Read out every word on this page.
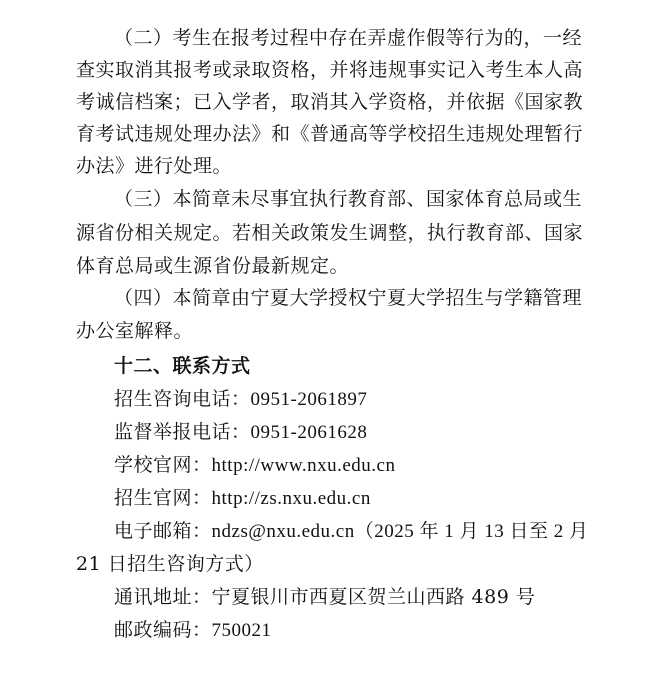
（二）考生在报考过程中存在弄虚作假等行为的，一经
查实取消其报考或录取资格，并将违规事实记入考生本人高
考诚信档案；已入学者，取消其入学资格，并依据《国家教
育考试违规处理办法》和《普通高等学校招生违规处理暂行
办法》进行处理。
（三）本简章未尽事宜执行教育部、国家体育总局或生
源省份相关规定。若相关政策发生调整，执行教育部、国家
体育总局或生源省份最新规定。
（四）本简章由宁夏大学授权宁夏大学招生与学籍管理
办公室解释。
十二、联系方式
招生咨询电话：0951-2061897
监督举报电话：0951-2061628
学校官网：http://www.nxu.edu.cn
招生官网：http://zs.nxu.edu.cn
电子邮箱：ndzs@nxu.edu.cn（2025 年 1 月 13 日至 2 月
21 日招生咨询方式）
通讯地址：宁夏银川市西夏区贺兰山西路 489 号
邮政编码：750021
